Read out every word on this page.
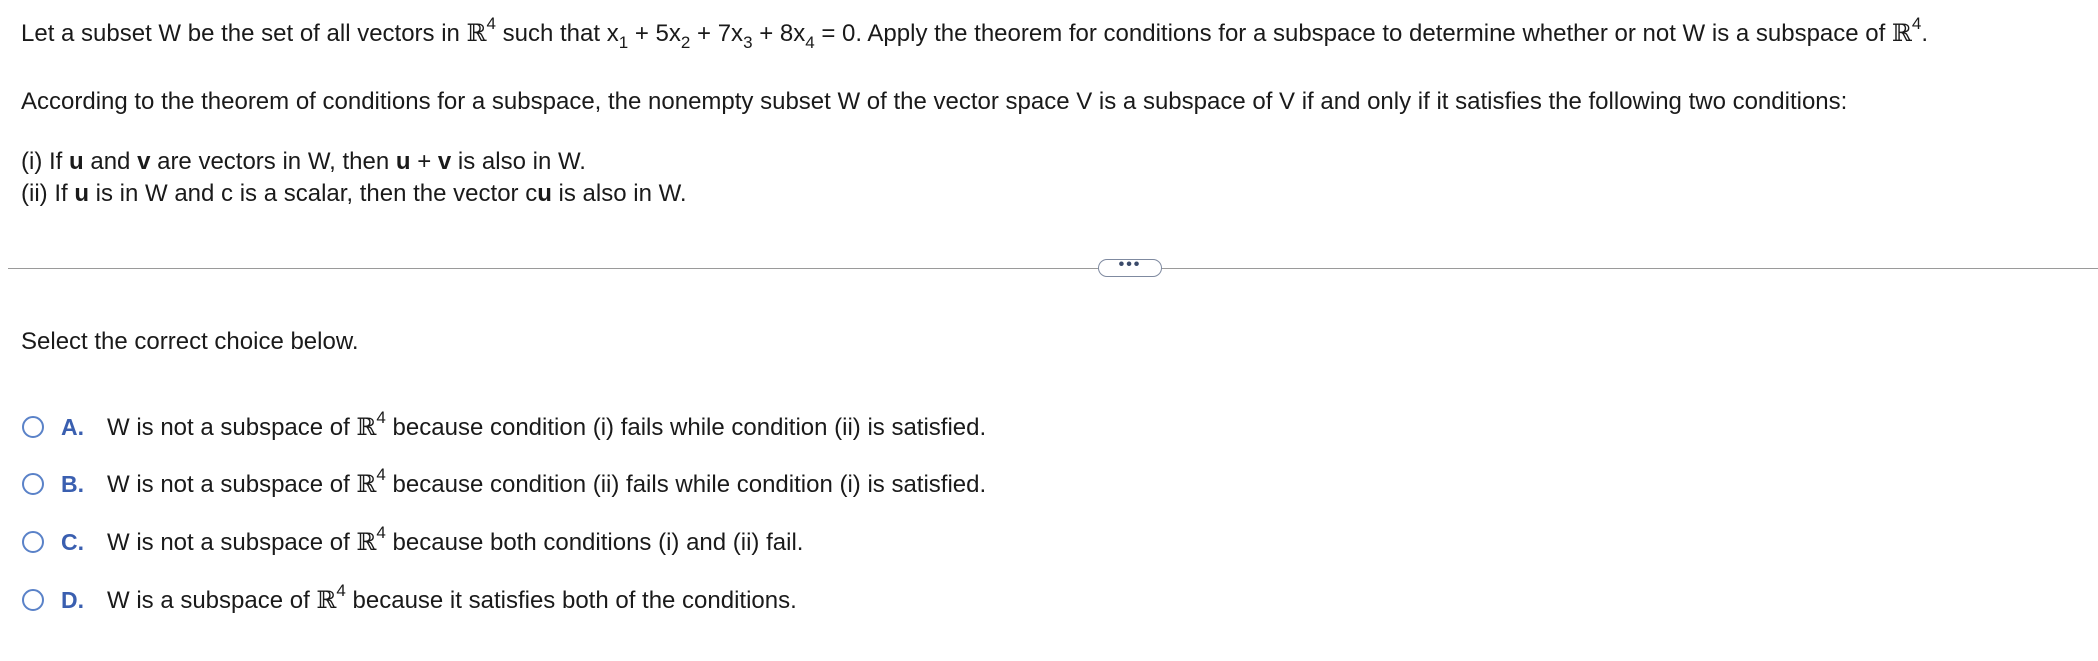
Let a subset W be the set of all vectors in ℝ$^4$ such that $x_1 + 5x_2 + 7x_3 + 8x_4 = 0$. Apply the theorem for conditions for a subspace to determine whether or not W is a subspace of ℝ$^4$.
According to the theorem of conditions for a subspace, the nonempty subset W of the vector space V is a subspace of V if and only if it satisfies the following two conditions:
(i) If u and v are vectors in W, then u + v is also in W.
(ii) If u is in W and c is a scalar, then the vector cu is also in W.
•••
Select the correct choice below.
A. W is not a subspace of ℝ$^4$ because condition (i) fails while condition (ii) is satisfied.
B. W is not a subspace of ℝ$^4$ because condition (ii) fails while condition (i) is satisfied.
C. W is not a subspace of ℝ$^4$ because both conditions (i) and (ii) fail.
D. W is a subspace of ℝ$^4$ because it satisfies both of the conditions.
